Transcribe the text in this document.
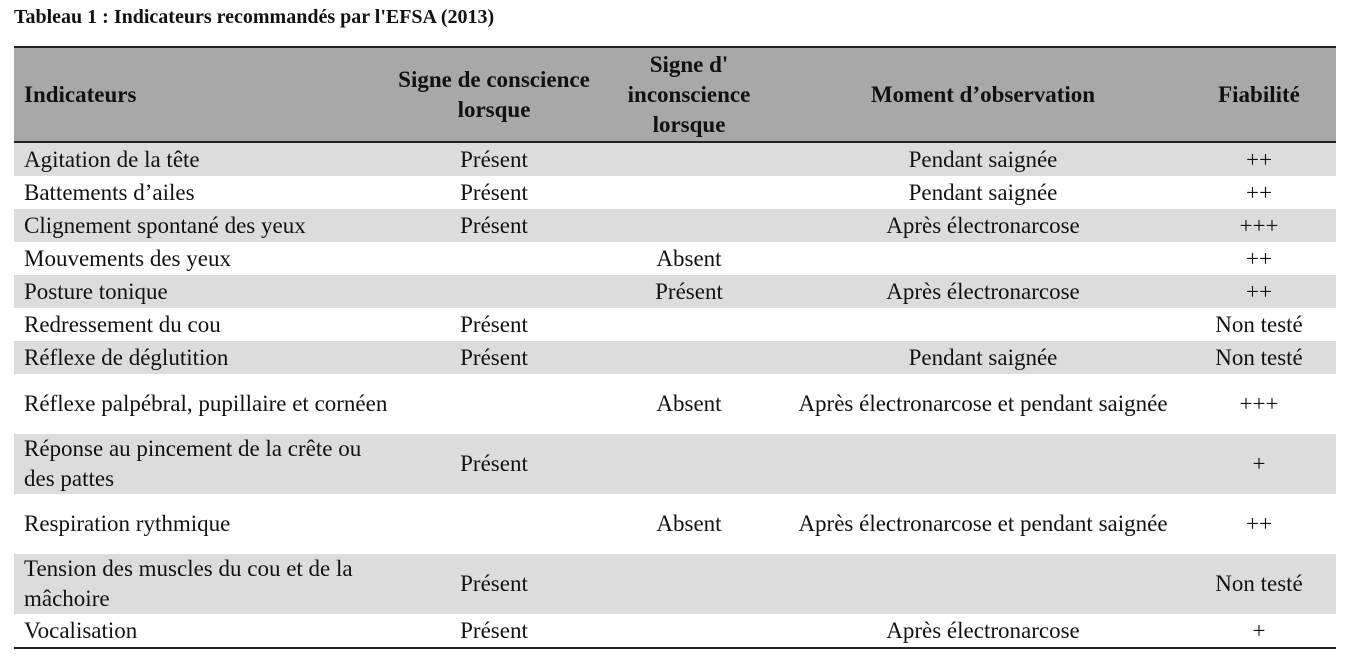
Tableau 1 : Indicateurs recommandés par l'EFSA (2013)
Indicateurs	Signe de conscience lorsque	Signe d' inconscience lorsque	Moment d’observation	Fiabilité
Agitation de la tête	Présent		Pendant saignée	++
Battements d’ailes	Présent		Pendant saignée	++
Clignement spontané des yeux	Présent		Après électronarcose	+++
Mouvements des yeux		Absent		++
Posture tonique		Présent	Après électronarcose	++
Redressement du cou	Présent			Non testé
Réflexe de déglutition	Présent		Pendant saignée	Non testé
Réflexe palpébral, pupillaire et cornéen		Absent	Après électronarcose et pendant saignée	+++
Réponse au pincement de la crête ou des pattes	Présent			+
Respiration rythmique		Absent	Après électronarcose et pendant saignée	++
Tension des muscles du cou et de la mâchoire	Présent			Non testé
Vocalisation	Présent		Après électronarcose	+
